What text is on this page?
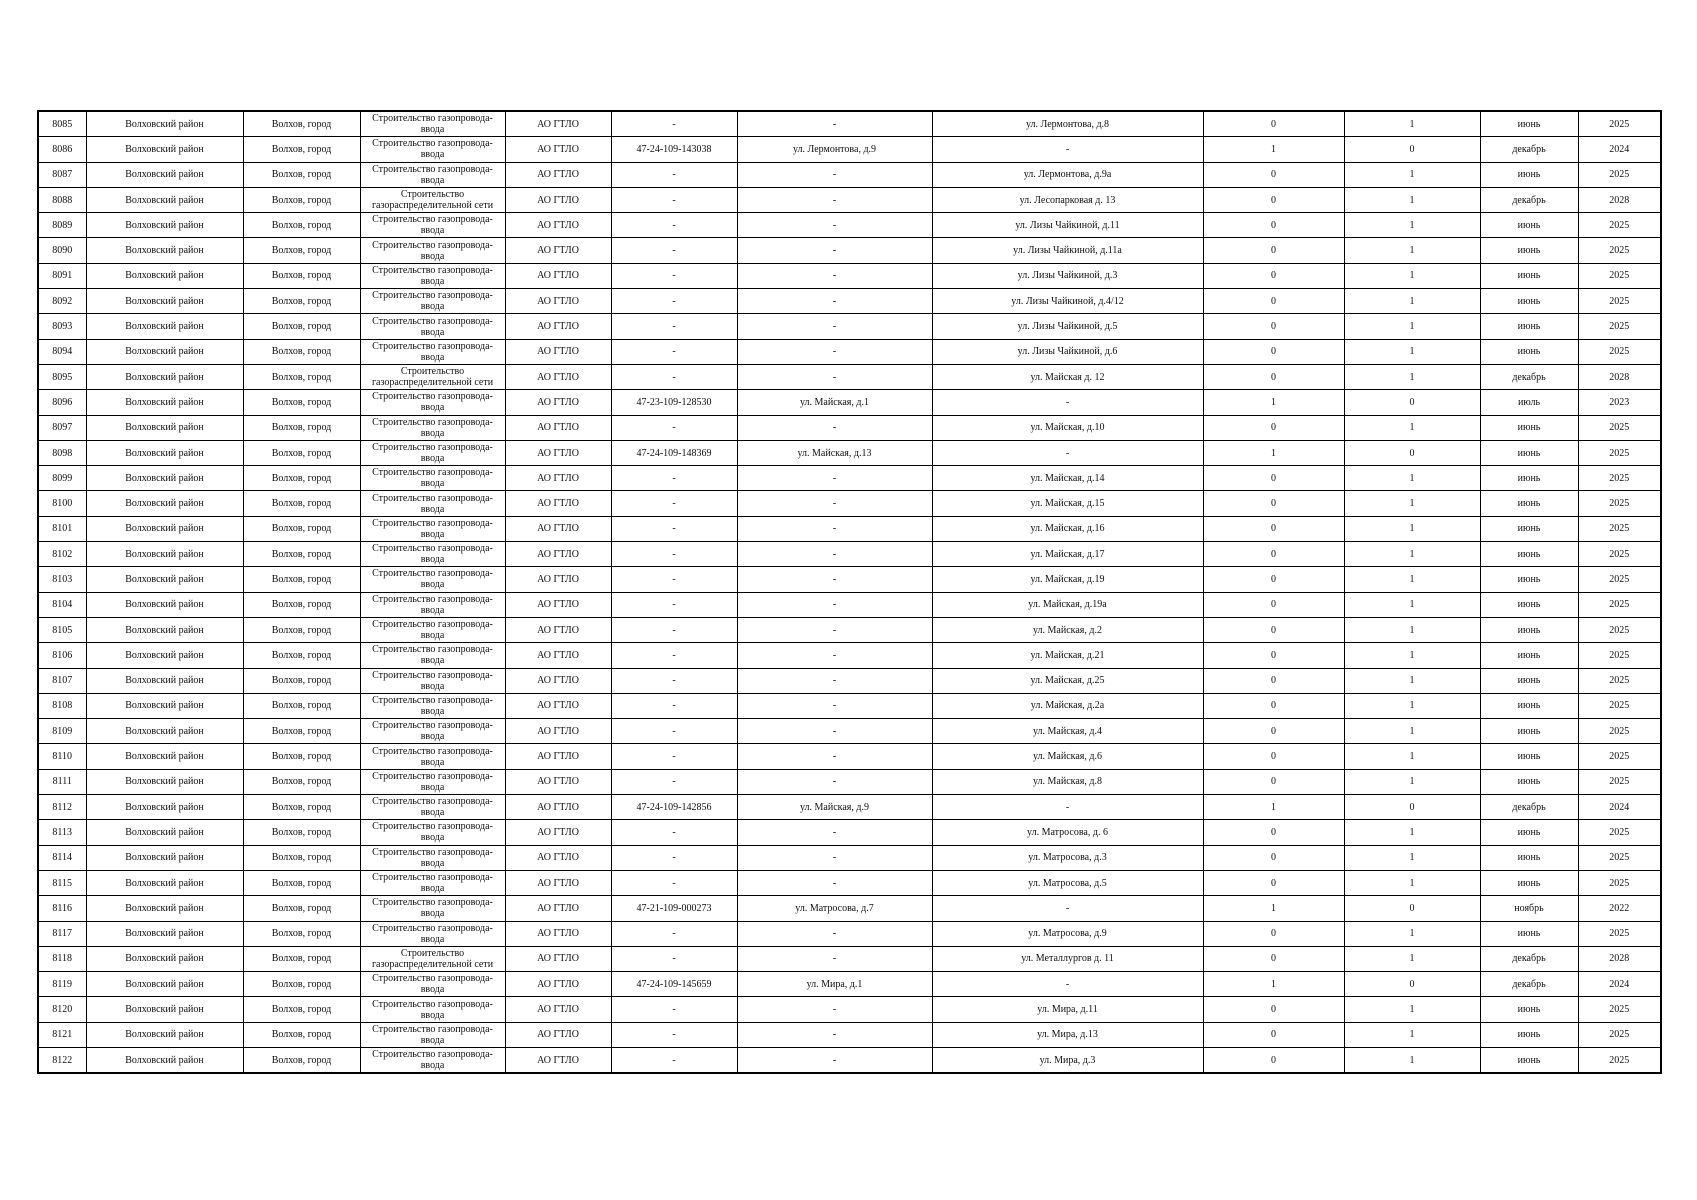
8085	Волховский район	Волхов, город	Строительство газопровода-ввода	АО ГТЛО	-	-	ул. Лермонтова, д.8	0	1	июнь	2025
8086	Волховский район	Волхов, город	Строительство газопровода-ввода	АО ГТЛО	47-24-109-143038	ул. Лермонтова, д.9	-	1	0	декабрь	2024
8087	Волховский район	Волхов, город	Строительство газопровода-ввода	АО ГТЛО	-	-	ул. Лермонтова, д.9а	0	1	июнь	2025
8088	Волховский район	Волхов, город	Строительство газораспределительной сети	АО ГТЛО	-	-	ул. Лесопарковая д. 13	0	1	декабрь	2028
8089	Волховский район	Волхов, город	Строительство газопровода-ввода	АО ГТЛО	-	-	ул. Лизы Чайкиной, д.11	0	1	июнь	2025
8090	Волховский район	Волхов, город	Строительство газопровода-ввода	АО ГТЛО	-	-	ул. Лизы Чайкиной, д.11а	0	1	июнь	2025
8091	Волховский район	Волхов, город	Строительство газопровода-ввода	АО ГТЛО	-	-	ул. Лизы Чайкиной, д.3	0	1	июнь	2025
8092	Волховский район	Волхов, город	Строительство газопровода-ввода	АО ГТЛО	-	-	ул. Лизы Чайкиной, д.4/12	0	1	июнь	2025
8093	Волховский район	Волхов, город	Строительство газопровода-ввода	АО ГТЛО	-	-	ул. Лизы Чайкиной, д.5	0	1	июнь	2025
8094	Волховский район	Волхов, город	Строительство газопровода-ввода	АО ГТЛО	-	-	ул. Лизы Чайкиной, д.6	0	1	июнь	2025
8095	Волховский район	Волхов, город	Строительство газораспределительной сети	АО ГТЛО	-	-	ул. Майская д. 12	0	1	декабрь	2028
8096	Волховский район	Волхов, город	Строительство газопровода-ввода	АО ГТЛО	47-23-109-128530	ул. Майская, д.1	-	1	0	июль	2023
8097	Волховский район	Волхов, город	Строительство газопровода-ввода	АО ГТЛО	-	-	ул. Майская, д.10	0	1	июнь	2025
8098	Волховский район	Волхов, город	Строительство газопровода-ввода	АО ГТЛО	47-24-109-148369	ул. Майская, д.13	-	1	0	июнь	2025
8099	Волховский район	Волхов, город	Строительство газопровода-ввода	АО ГТЛО	-	-	ул. Майская, д.14	0	1	июнь	2025
8100	Волховский район	Волхов, город	Строительство газопровода-ввода	АО ГТЛО	-	-	ул. Майская, д.15	0	1	июнь	2025
8101	Волховский район	Волхов, город	Строительство газопровода-ввода	АО ГТЛО	-	-	ул. Майская, д.16	0	1	июнь	2025
8102	Волховский район	Волхов, город	Строительство газопровода-ввода	АО ГТЛО	-	-	ул. Майская, д.17	0	1	июнь	2025
8103	Волховский район	Волхов, город	Строительство газопровода-ввода	АО ГТЛО	-	-	ул. Майская, д.19	0	1	июнь	2025
8104	Волховский район	Волхов, город	Строительство газопровода-ввода	АО ГТЛО	-	-	ул. Майская, д.19а	0	1	июнь	2025
8105	Волховский район	Волхов, город	Строительство газопровода-ввода	АО ГТЛО	-	-	ул. Майская, д.2	0	1	июнь	2025
8106	Волховский район	Волхов, город	Строительство газопровода-ввода	АО ГТЛО	-	-	ул. Майская, д.21	0	1	июнь	2025
8107	Волховский район	Волхов, город	Строительство газопровода-ввода	АО ГТЛО	-	-	ул. Майская, д.25	0	1	июнь	2025
8108	Волховский район	Волхов, город	Строительство газопровода-ввода	АО ГТЛО	-	-	ул. Майская, д.2а	0	1	июнь	2025
8109	Волховский район	Волхов, город	Строительство газопровода-ввода	АО ГТЛО	-	-	ул. Майская, д.4	0	1	июнь	2025
8110	Волховский район	Волхов, город	Строительство газопровода-ввода	АО ГТЛО	-	-	ул. Майская, д.6	0	1	июнь	2025
8111	Волховский район	Волхов, город	Строительство газопровода-ввода	АО ГТЛО	-	-	ул. Майская, д.8	0	1	июнь	2025
8112	Волховский район	Волхов, город	Строительство газопровода-ввода	АО ГТЛО	47-24-109-142856	ул. Майская, д.9	-	1	0	декабрь	2024
8113	Волховский район	Волхов, город	Строительство газопровода-ввода	АО ГТЛО	-	-	ул. Матросова, д. 6	0	1	июнь	2025
8114	Волховский район	Волхов, город	Строительство газопровода-ввода	АО ГТЛО	-	-	ул. Матросова, д.3	0	1	июнь	2025
8115	Волховский район	Волхов, город	Строительство газопровода-ввода	АО ГТЛО	-	-	ул. Матросова, д.5	0	1	июнь	2025
8116	Волховский район	Волхов, город	Строительство газопровода-ввода	АО ГТЛО	47-21-109-000273	ул. Матросова, д.7	-	1	0	ноябрь	2022
8117	Волховский район	Волхов, город	Строительство газопровода-ввода	АО ГТЛО	-	-	ул. Матросова, д.9	0	1	июнь	2025
8118	Волховский район	Волхов, город	Строительство газораспределительной сети	АО ГТЛО	-	-	ул. Металлургов д. 11	0	1	декабрь	2028
8119	Волховский район	Волхов, город	Строительство газопровода-ввода	АО ГТЛО	47-24-109-145659	ул. Мира, д.1	-	1	0	декабрь	2024
8120	Волховский район	Волхов, город	Строительство газопровода-ввода	АО ГТЛО	-	-	ул. Мира, д.11	0	1	июнь	2025
8121	Волховский район	Волхов, город	Строительство газопровода-ввода	АО ГТЛО	-	-	ул. Мира, д.13	0	1	июнь	2025
8122	Волховский район	Волхов, город	Строительство газопровода-ввода	АО ГТЛО	-	-	ул. Мира, д.3	0	1	июнь	2025
